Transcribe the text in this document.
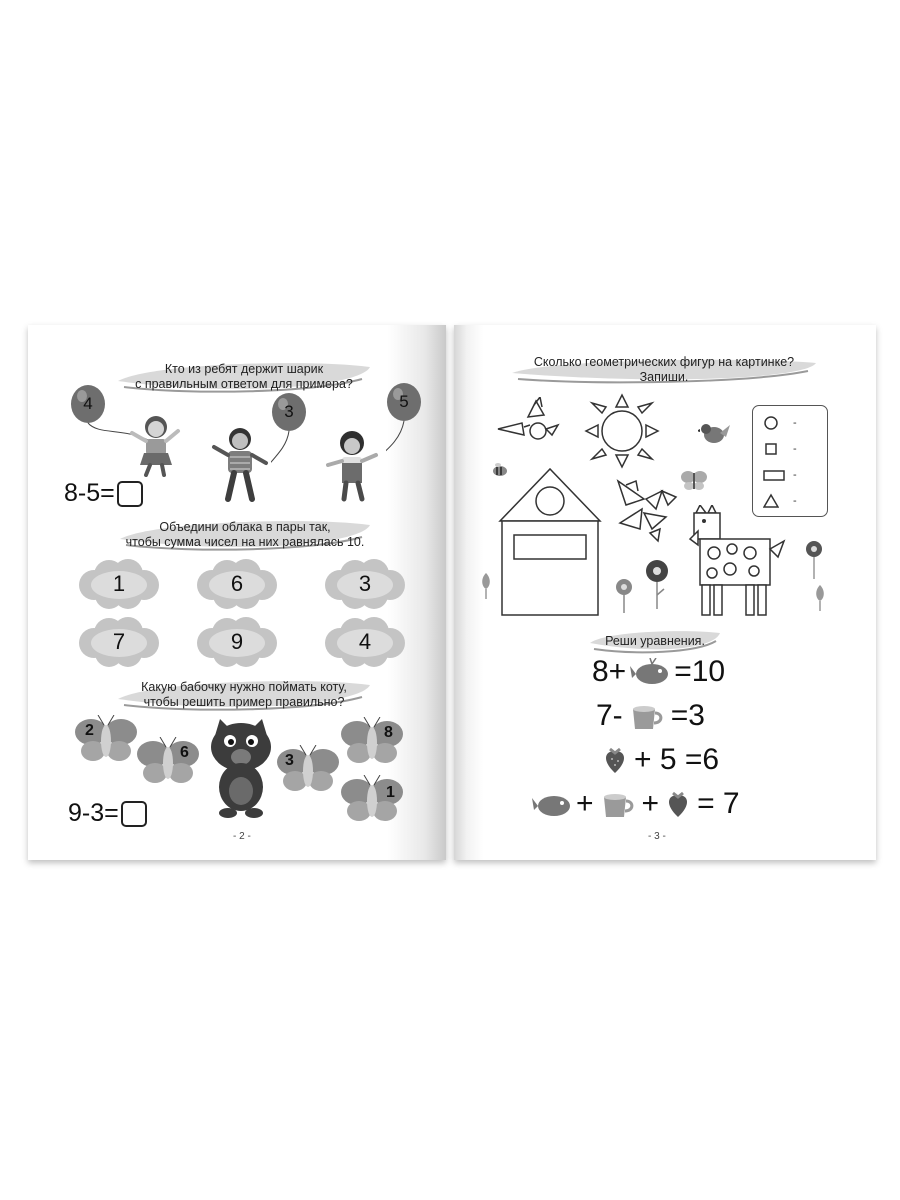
Кто из ребят держит шарик
с правильным ответом для примера?
4	3
5
8-5=
Объедини облака в пары так,
чтобы сумма чисел на них равнялась 10.
1	6	3
7	9	4
Какую бабочку нужно поймать коту,
чтобы решить пример правильно?
2
6	3
8
1
9-3=
- 2 -
Сколько геометрических фигур на картинке? Запиши.
-
-
-
-
Реши уравнения.
8+ =10
7- =3
+ 5 =6
+ + = 7
- 3 -
